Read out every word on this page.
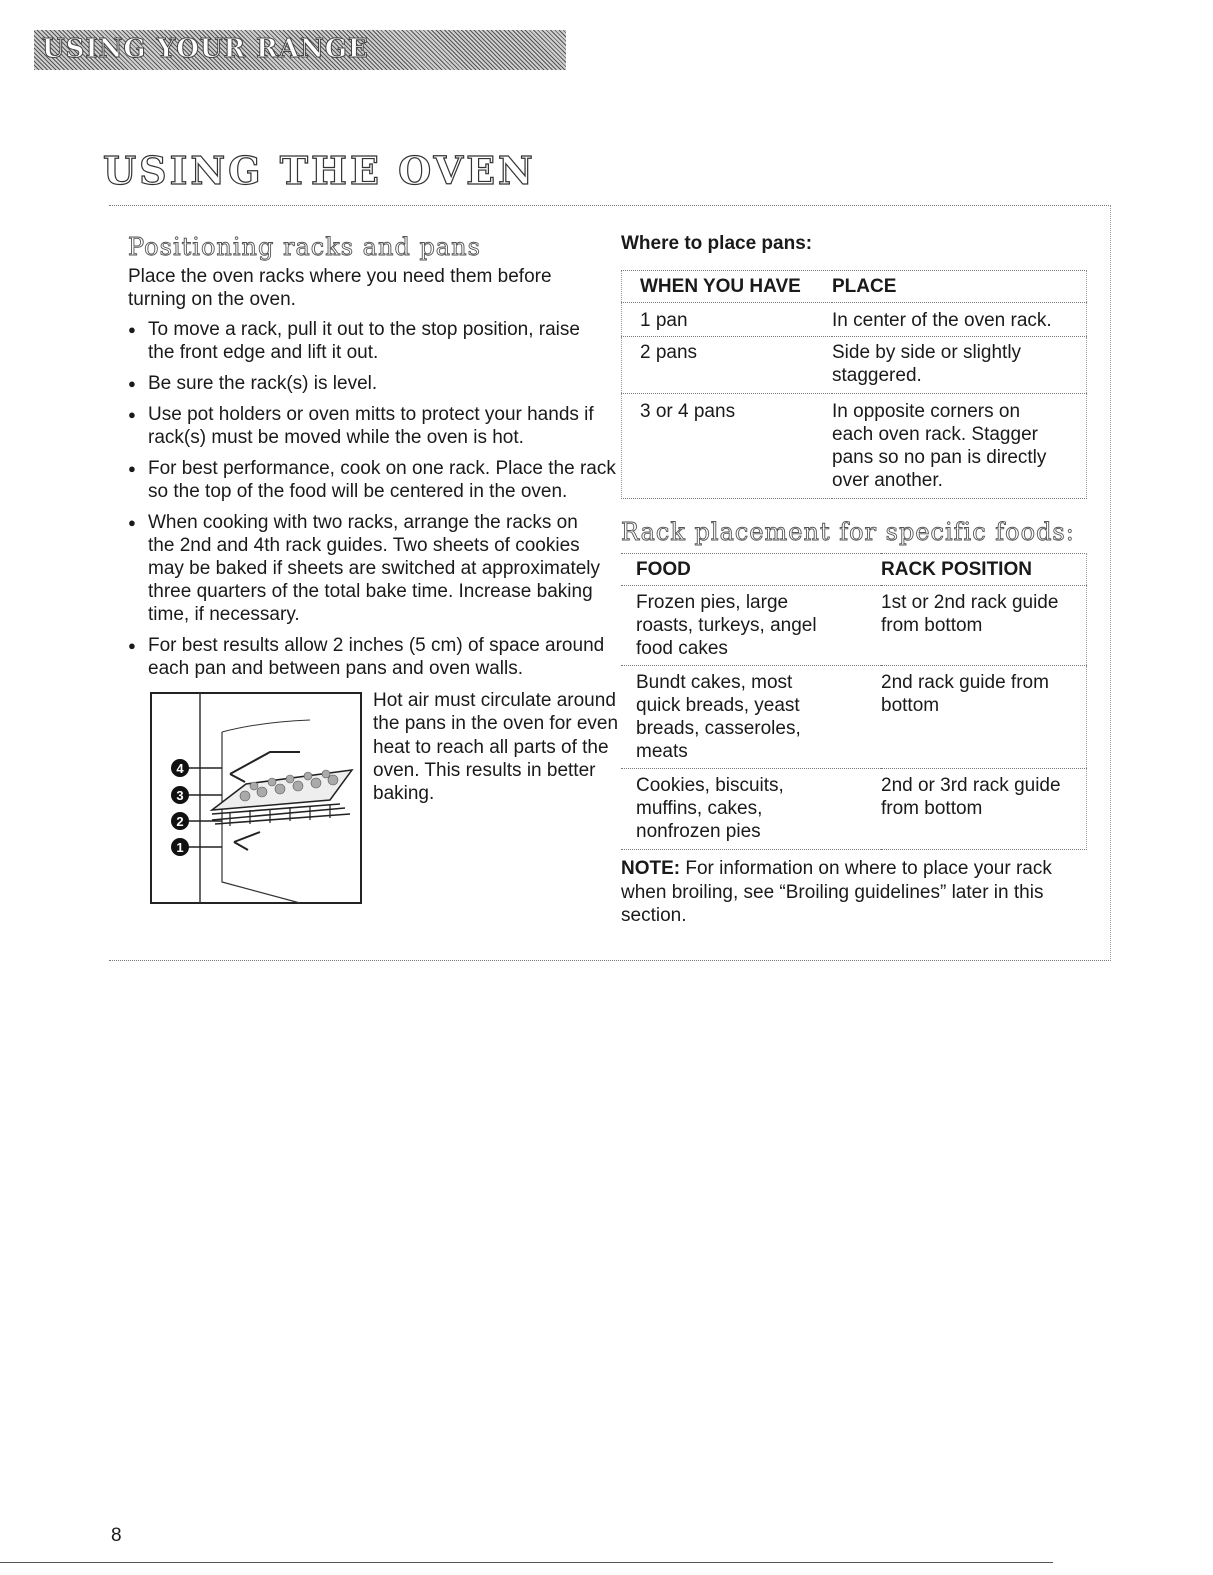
USING YOUR RANGE
USING THE OVEN
Positioning racks and pans
Place the oven racks where you need them before turning on the oven.
● To move a rack, pull it out to the stop position, raise the front edge and lift it out.
● Be sure the rack(s) is level.
● Use pot holders or oven mitts to protect your hands if rack(s) must be moved while the oven is hot.
● For best performance, cook on one rack. Place the rack so the top of the food will be centered in the oven.
● When cooking with two racks, arrange the racks on the 2nd and 4th rack guides. Two sheets of cookies may be baked if sheets are switched at approximately three quarters of the total bake time. Increase baking time, if necessary.
● For best results allow 2 inches (5 cm) of space around each pan and between pans and oven walls.
4
3
2
1
Hot air must circulate around the pans in the oven for even heat to reach all parts of the oven. This results in better baking.
Where to place pans:
WHEN YOU HAVE	PLACE
1 pan	In center of the oven rack.
2 pans	Side by side or slightly staggered.
3 or 4 pans	In opposite corners on each oven rack. Stagger pans so no pan is directly over another.
Rack placement for specific foods:
FOOD	RACK POSITION
Frozen pies, large roasts, turkeys, angel food cakes	1st or 2nd rack guide from bottom
Bundt cakes, most quick breads, yeast breads, casseroles, meats	2nd rack guide from bottom
Cookies, biscuits, muffins, cakes, nonfrozen pies	2nd or 3rd rack guide from bottom
NOTE: For information on where to place your rack when broiling, see “Broiling guidelines” later in this section.
8
